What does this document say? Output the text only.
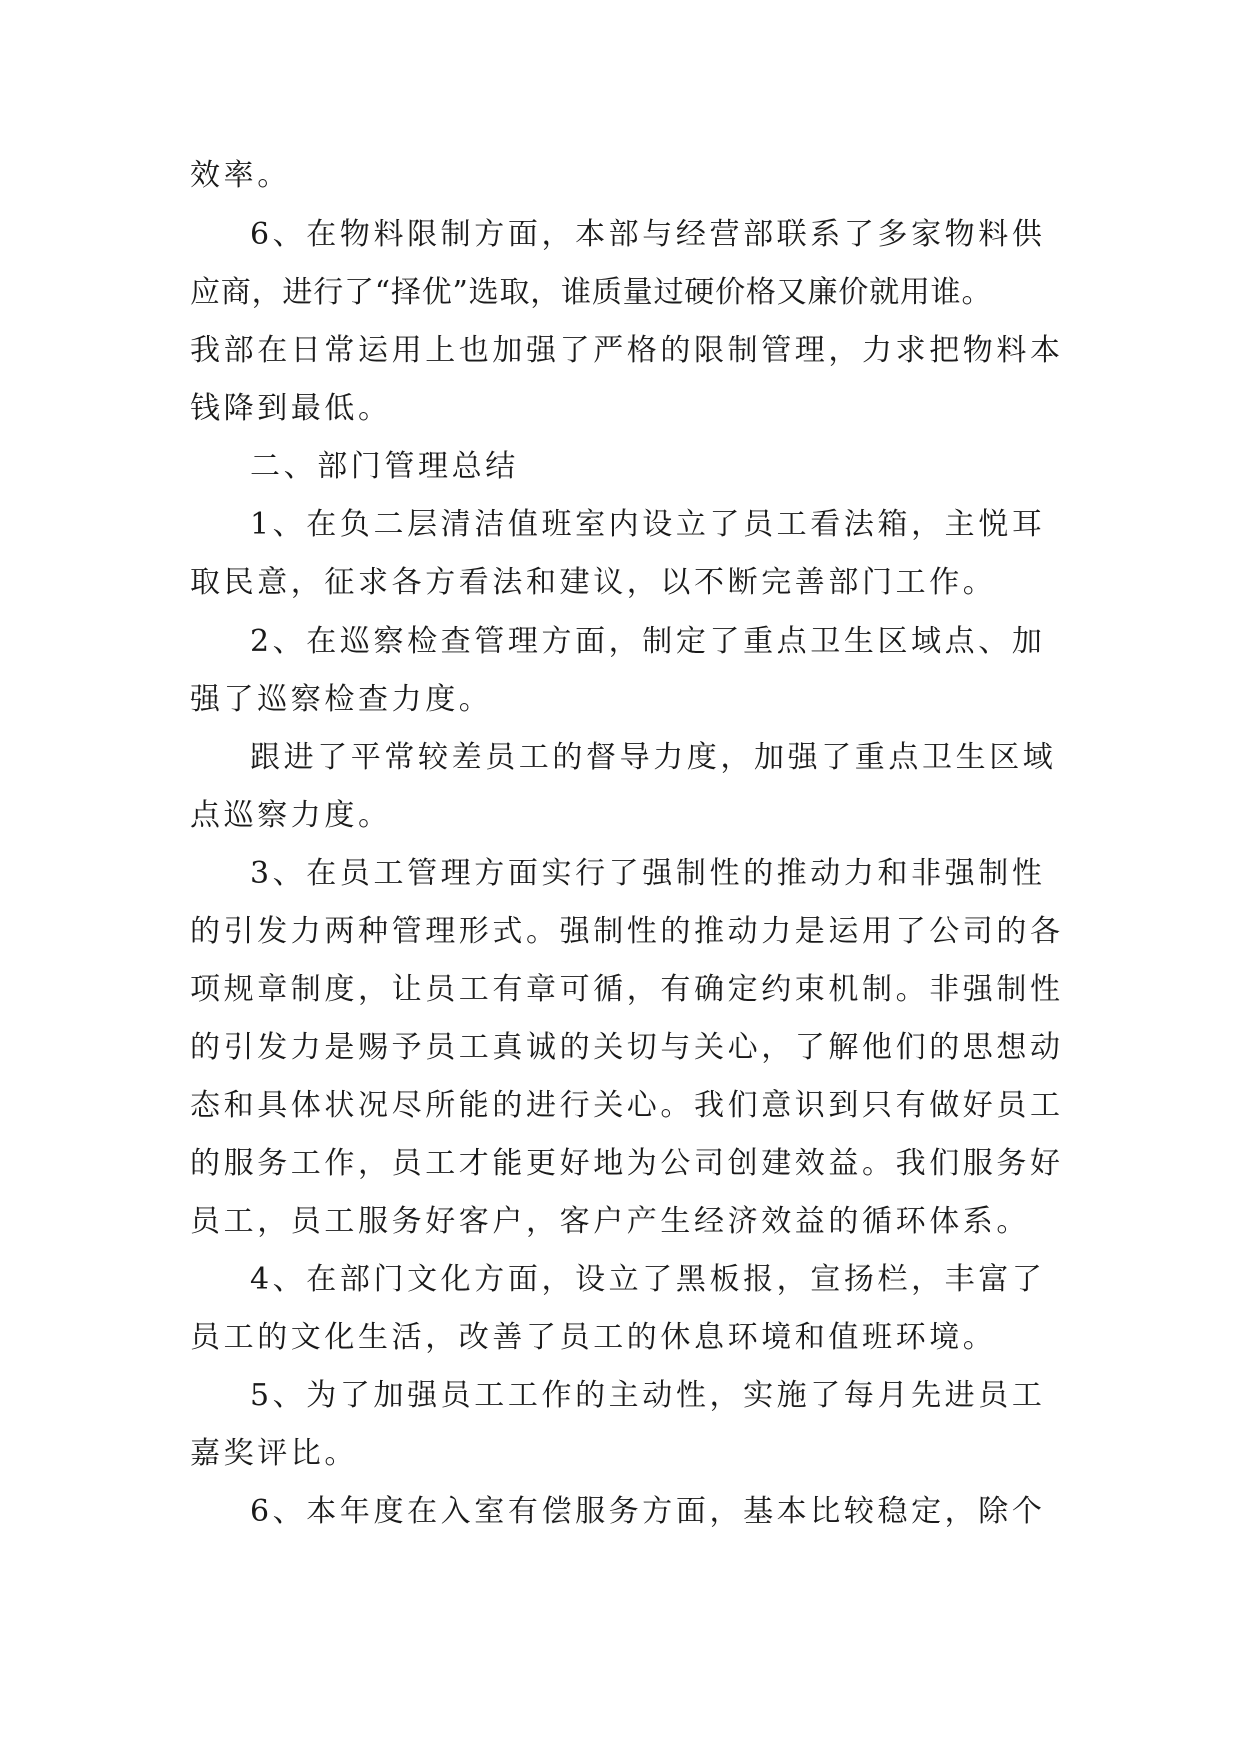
效率。
6、在物料限制方面，本部与经营部联系了多家物料供
应商，进行了“择优”选取，谁质量过硬价格又廉价就用谁。
我部在日常运用上也加强了严格的限制管理，力求把物料本
钱降到最低。
二、部门管理总结
1、在负二层清洁值班室内设立了员工看法箱，主悦耳
取民意，征求各方看法和建议，以不断完善部门工作。
2、在巡察检查管理方面，制定了重点卫生区域点、加
强了巡察检查力度。
跟进了平常较差员工的督导力度，加强了重点卫生区域
点巡察力度。
3、在员工管理方面实行了强制性的推动力和非强制性
的引发力两种管理形式。强制性的推动力是运用了公司的各
项规章制度，让员工有章可循，有确定约束机制。非强制性
的引发力是赐予员工真诚的关切与关心，了解他们的思想动
态和具体状况尽所能的进行关心。我们意识到只有做好员工
的服务工作，员工才能更好地为公司创建效益。我们服务好
员工，员工服务好客户，客户产生经济效益的循环体系。
4、在部门文化方面，设立了黑板报，宣扬栏，丰富了
员工的文化生活，改善了员工的休息环境和值班环境。
5、为了加强员工工作的主动性，实施了每月先进员工
嘉奖评比。
6、本年度在入室有偿服务方面，基本比较稳定，除个
